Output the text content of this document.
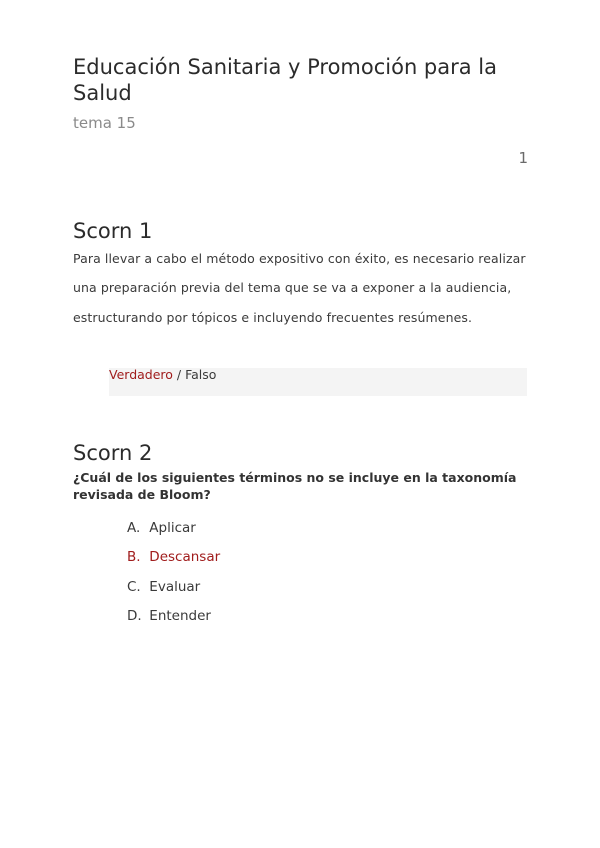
Educación Sanitaria y Promoción para la Salud
tema 15
1
Scorn 1
Para llevar a cabo el método expositivo con éxito, es necesario realizar una preparación previa del tema que se va a exponer a la audiencia, estructurando por tópicos e incluyendo frecuentes resúmenes.
Verdadero / Falso
Scorn 2
¿Cuál de los siguientes términos no se incluye en la taxonomía revisada de Bloom?
A. Aplicar
B. Descansar
C. Evaluar
D. Entender
